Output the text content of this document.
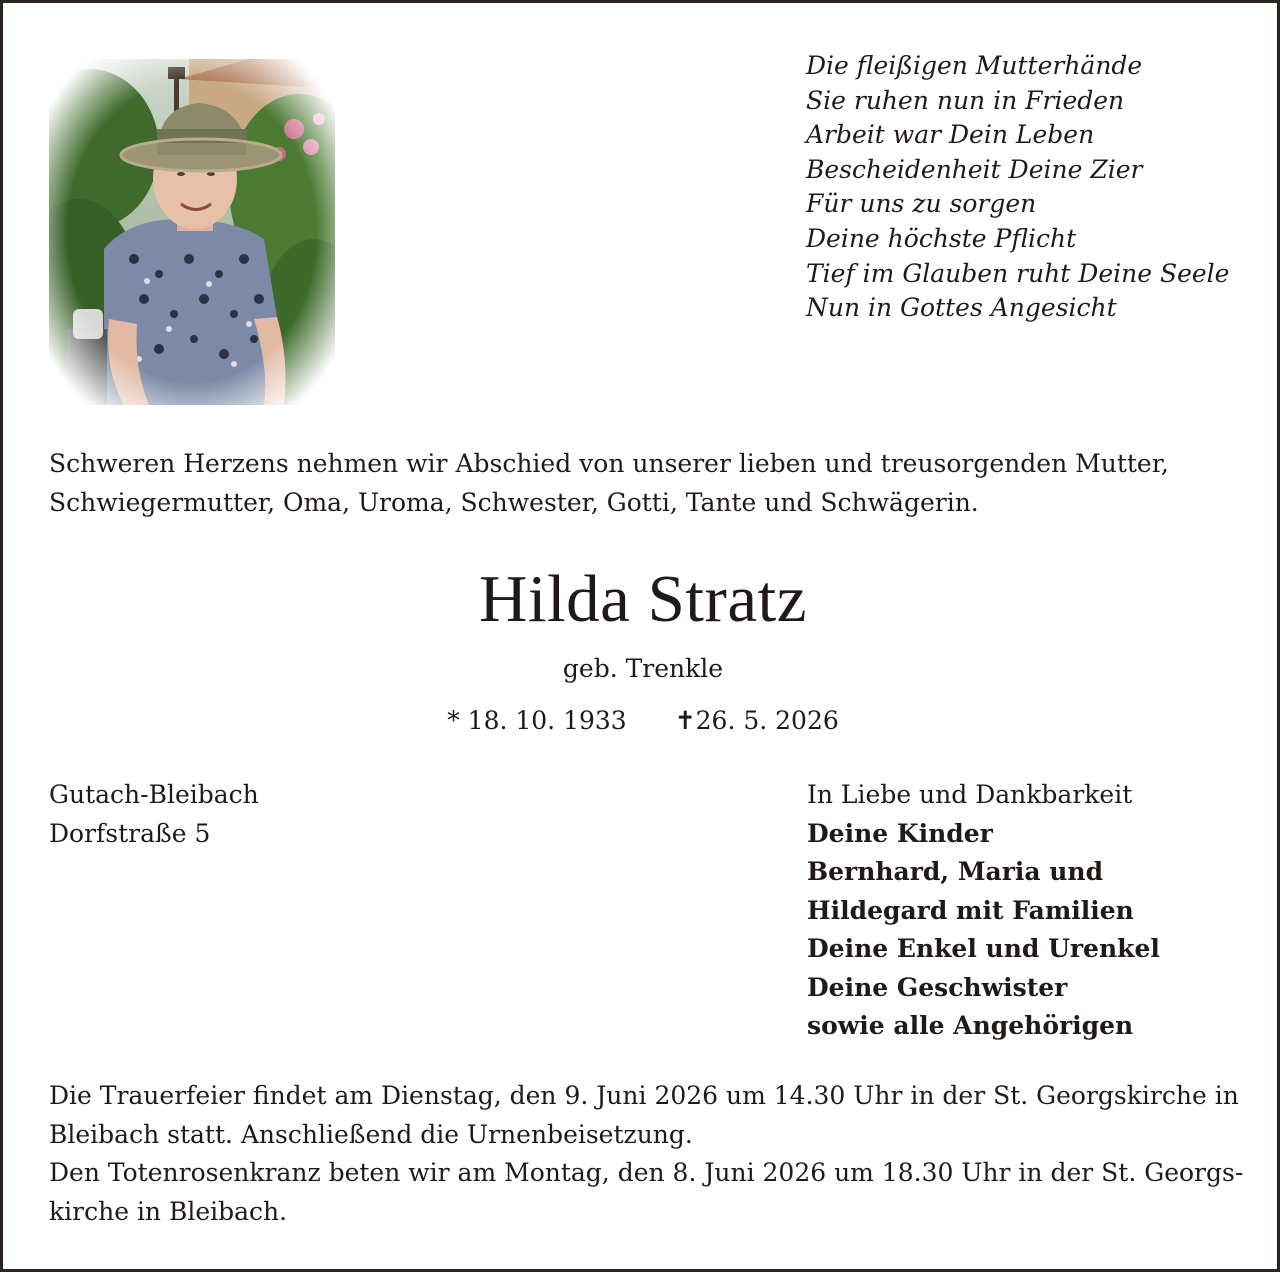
Die fleißigen Mutterhände
Sie ruhen nun in Frieden
Arbeit war Dein Leben
Bescheidenheit Deine Zier
Für uns zu sorgen
Deine höchste Pflicht
Tief im Glauben ruht Deine Seele
Nun in Gottes Angesicht
Schweren Herzens nehmen wir Abschied von unserer lieben und treusorgenden Mutter,
Schwiegermutter, Oma, Uroma, Schwester, Gotti, Tante und Schwägerin.
Hilda Stratz
geb. Trenkle
* 18. 10. 1933 ✝26. 5. 2026
Gutach-Bleibach
Dorfstraße 5
In Liebe und Dankbarkeit
Deine Kinder
Bernhard, Maria und
Hildegard mit Familien
Deine Enkel und Urenkel
Deine Geschwister
sowie alle Angehörigen
Die Trauerfeier findet am Dienstag, den 9. Juni 2026 um 14.30 Uhr in der St. Georgskirche in
Bleibach statt. Anschließend die Urnenbeisetzung.
Den Totenrosenkranz beten wir am Montag, den 8. Juni 2026 um 18.30 Uhr in der St. Georgs-
kirche in Bleibach.
